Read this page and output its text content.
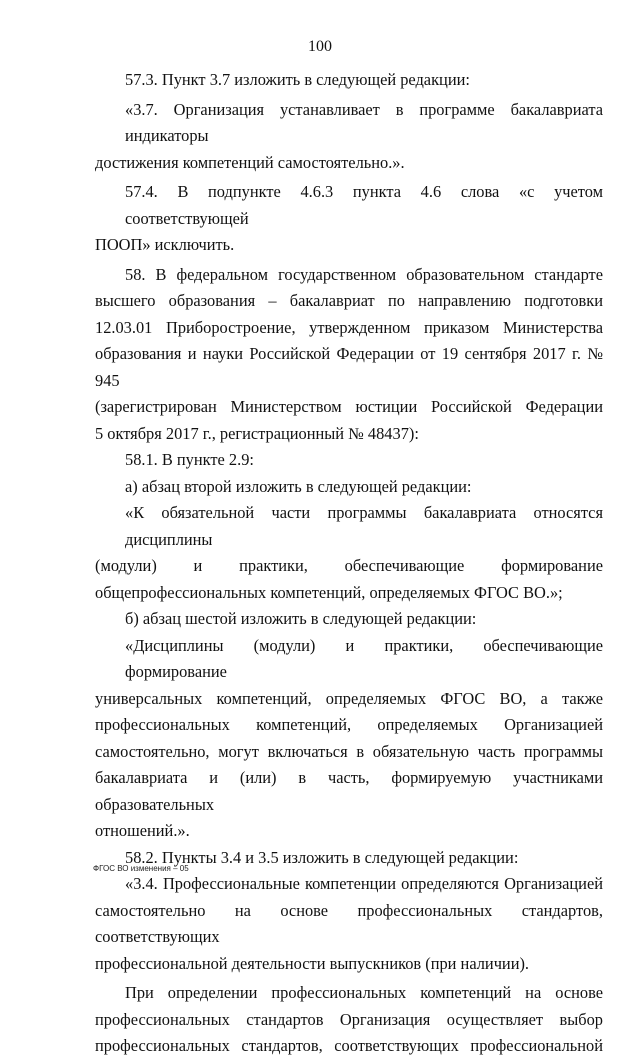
100
57.3. Пункт 3.7 изложить в следующей редакции:
«3.7. Организация устанавливает в программе бакалавриата индикаторы
достижения компетенций самостоятельно.».
57.4. В подпункте 4.6.3 пункта 4.6 слова «с учетом соответствующей
ПООП» исключить.
58. В федеральном государственном образовательном стандарте
высшего образования – бакалавриат по направлению подготовки
12.03.01 Приборостроение, утвержденном приказом Министерства
образования и науки Российской Федерации от 19 сентября 2017 г. № 945
(зарегистрирован Министерством юстиции Российской Федерации
5 октября 2017 г., регистрационный № 48437):
58.1. В пункте 2.9:
а) абзац второй изложить в следующей редакции:
«К обязательной части программы бакалавриата относятся дисциплины
(модули) и практики, обеспечивающие формирование
общепрофессиональных компетенций, определяемых ФГОС ВО.»;
б) абзац шестой изложить в следующей редакции:
«Дисциплины (модули) и практики, обеспечивающие формирование
универсальных компетенций, определяемых ФГОС ВО, а также
профессиональных компетенций, определяемых Организацией
самостоятельно, могут включаться в обязательную часть программы
бакалавриата и (или) в часть, формируемую участниками образовательных
отношений.».
58.2. Пункты 3.4 и 3.5 изложить в следующей редакции:
«3.4. Профессиональные компетенции определяются Организацией
самостоятельно на основе профессиональных стандартов, соответствующих
профессиональной деятельности выпускников (при наличии).
При определении профессиональных компетенций на основе
профессиональных стандартов Организация осуществляет выбор
профессиональных стандартов, соответствующих профессиональной
ФГОС ВО изменения – 05
